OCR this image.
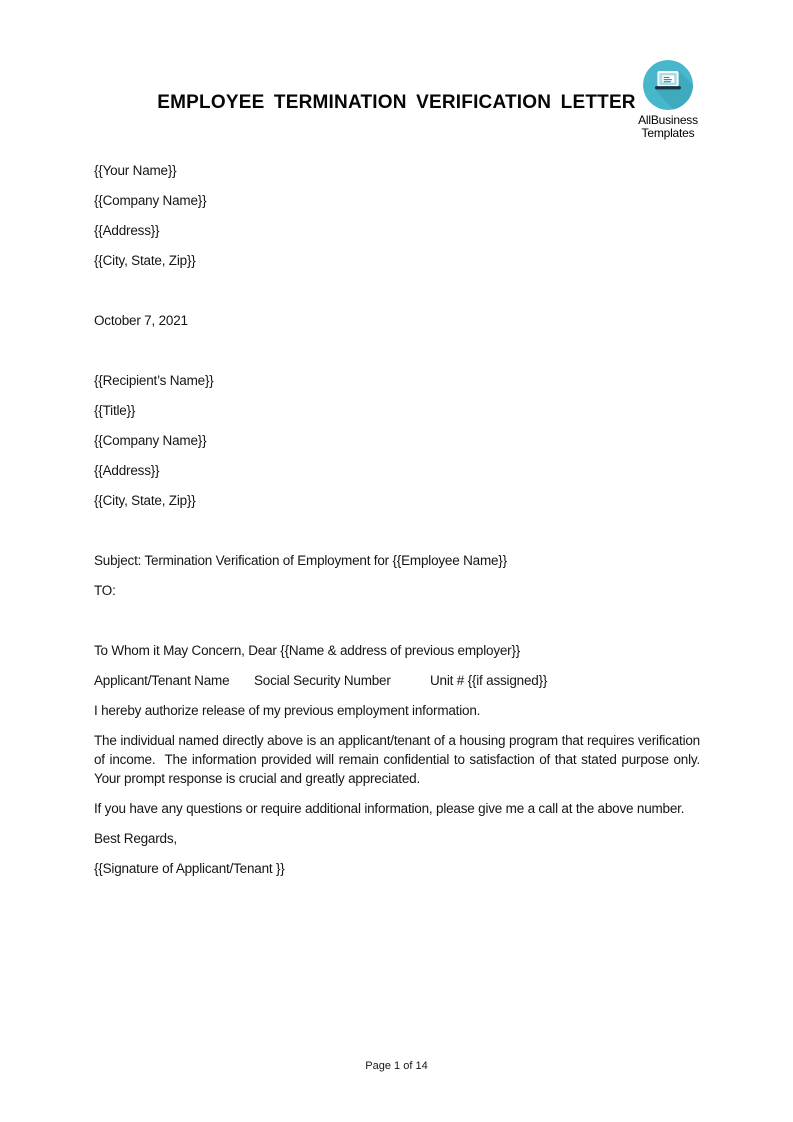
EMPLOYEE TERMINATION VERIFICATION LETTER
AllBusiness
Templates

{{Your Name}}

{{Company Name}}

{{Address}}

{{City, State, Zip}}

October 7, 2021

{{Recipient’s Name}}

{{Title}}

{{Company Name}}

{{Address}}

{{City, State, Zip}}

Subject: Termination Verification of Employment for {{Employee Name}}

TO:

To Whom it May Concern, Dear {{Name & address of previous employer}}

Applicant/Tenant Name	Social Security Number	Unit # {{if assigned}}

I hereby authorize release of my previous employment information.

The individual named directly above is an applicant/tenant of a housing program that requires verification of income.  The information provided will remain confidential to satisfaction of that stated purpose only. Your prompt response is crucial and greatly appreciated.

If you have any questions or require additional information, please give me a call at the above number.

Best Regards,

{{Signature of Applicant/Tenant }}

Page 1 of 14
